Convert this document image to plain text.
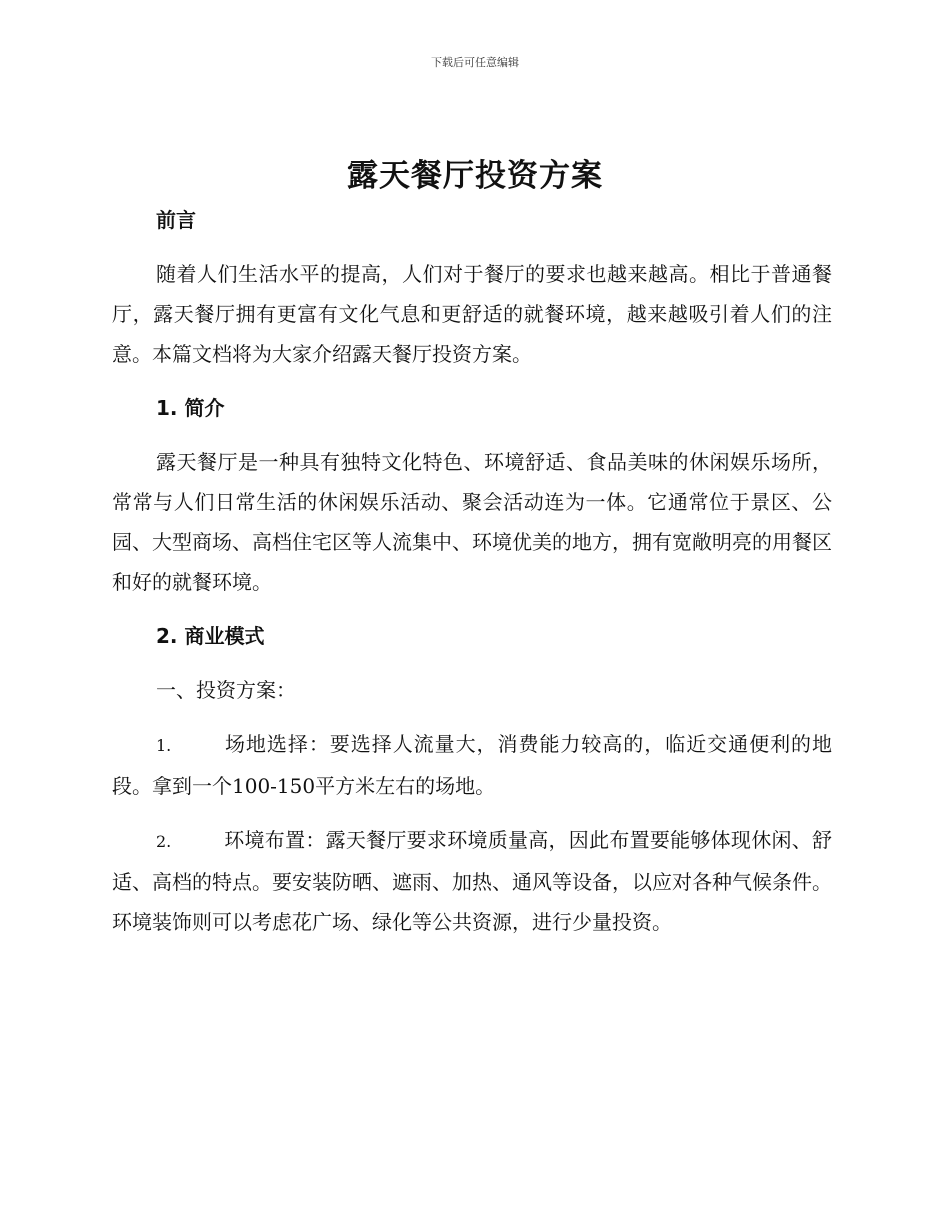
下载后可任意编辑
露天餐厅投资方案
前言
随着人们生活水平的提高，人们对于餐厅的要求也越来越高。相比于普通餐厅，露天餐厅拥有更富有文化气息和更舒适的就餐环境，越来越吸引着人们的注意。本篇文档将为大家介绍露天餐厅投资方案。
1. 简介
露天餐厅是一种具有独特文化特色、环境舒适、食品美味的休闲娱乐场所，常常与人们日常生活的休闲娱乐活动、聚会活动连为一体。它通常位于景区、公园、大型商场、高档住宅区等人流集中、环境优美的地方，拥有宽敞明亮的用餐区和好的就餐环境。
2. 商业模式
一、投资方案：
1.	场地选择：要选择人流量大，消费能力较高的，临近交通便利的地段。拿到一个100-150平方米左右的场地。
2.	环境布置：露天餐厅要求环境质量高，因此布置要能够体现休闲、舒适、高档的特点。要安装防晒、遮雨、加热、通风等设备，以应对各种气候条件。环境装饰则可以考虑花广场、绿化等公共资源，进行少量投资。
